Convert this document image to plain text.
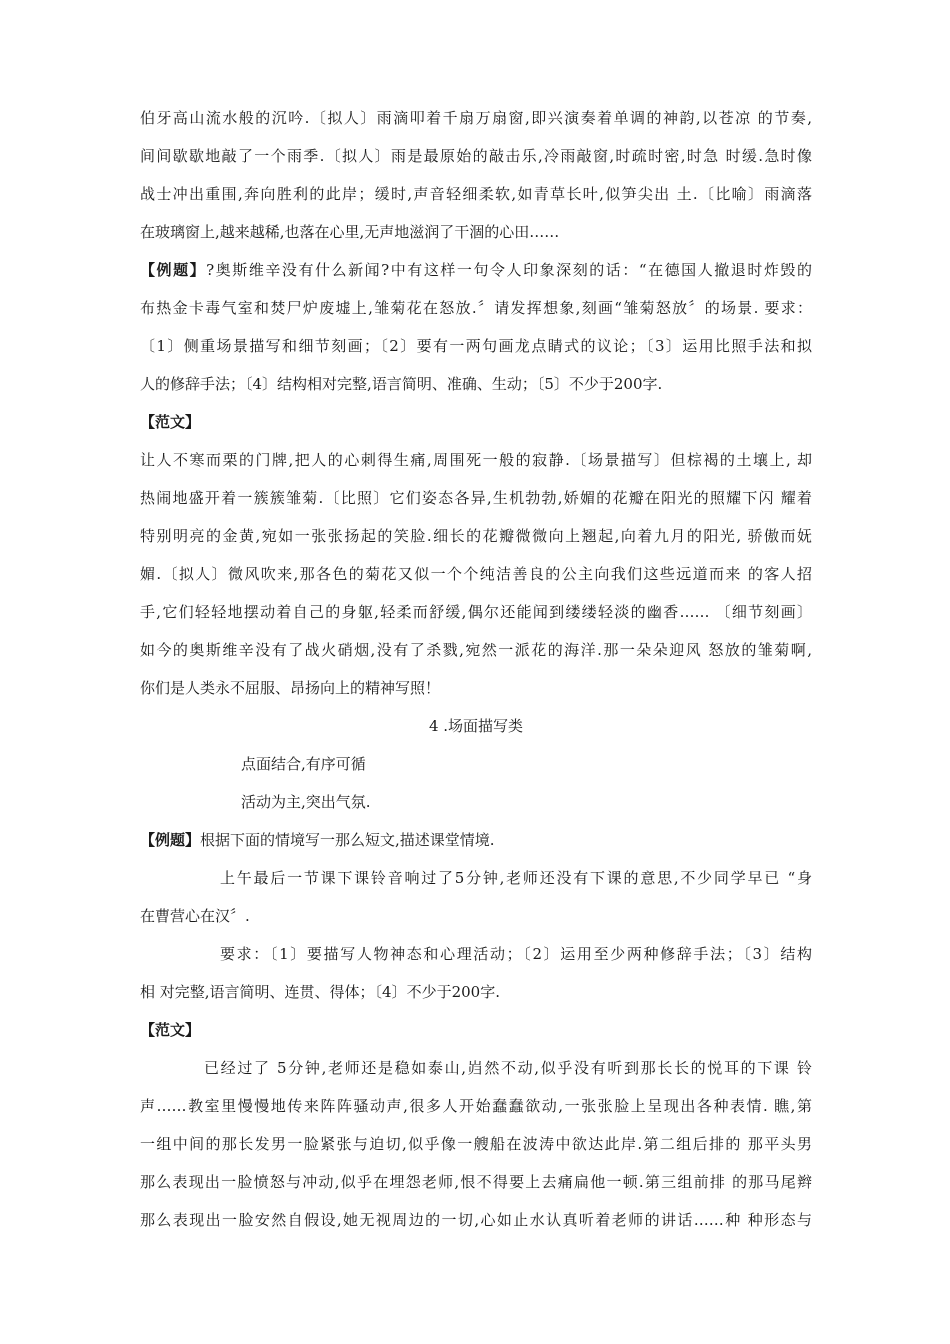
伯牙高山流水般的沉吟.〔拟人〕雨滴叩着千扇万扇窗,即兴演奏着单调的神韵,以苍凉 的节奏,
间间歇歇地敲了一个雨季.〔拟人〕雨是最原始的敲击乐,冷雨敲窗,时疏时密,时急 时缓.急时像
战士冲出重围,奔向胜利的此岸；缓时,声音轻细柔软,如青草长叶,似笋尖出 土.〔比喻〕雨滴落
在玻璃窗上,越来越稀,也落在心里,无声地滋润了干涸的心田……
【例题】?奥斯维辛没有什么新闻?中有这样一句令人印象深刻的话：“在德国人撤退时炸毁的
布热金卡毒气室和焚尸炉废墟上,雏菊花在怒放.〞请发挥想象,刻画“雏菊怒放〞的场景. 要求：
〔1〕侧重场景描写和细节刻画；〔2〕要有一两句画龙点睛式的议论；〔3〕运用比照手法和拟
人的修辞手法；〔4〕结构相对完整,语言简明、准确、生动；〔5〕不少于200字.
【范文】
让人不寒而栗的门牌,把人的心刺得生痛,周围死一般的寂静.〔场景描写〕但棕褐的土壤上, 却
热闹地盛开着一簇簇雏菊.〔比照〕它们姿态各异,生机勃勃,娇媚的花瓣在阳光的照耀下闪 耀着
特别明亮的金黄,宛如一张张扬起的笑脸.细长的花瓣微微向上翘起,向着九月的阳光, 骄傲而妩
媚.〔拟人〕微风吹来,那各色的菊花又似一个个纯洁善良的公主向我们这些远道而来 的客人招
手,它们轻轻地摆动着自己的身躯,轻柔而舒缓,偶尔还能闻到缕缕轻淡的幽香…… 〔细节刻画〕
如今的奥斯维辛没有了战火硝烟,没有了杀戮,宛然一派花的海洋.那一朵朵迎风 怒放的雏菊啊,
你们是人类永不屈服、昂扬向上的精神写照！
4 .场面描写类
点面结合,有序可循
活动为主,突出气氛.
【例题】根据下面的情境写一那么短文,描述课堂情境.
上午最后一节课下课铃音响过了5分钟,老师还没有下课的意思,不少同学早已 “身
在曹营心在汉〞.
要求：〔1〕要描写人物神态和心理活动；〔2〕运用至少两种修辞手法；〔3〕结构
相 对完整,语言简明、连贯、得体；〔4〕不少于200字.
【范文】
已经过了 5分钟,老师还是稳如泰山,岿然不动,似乎没有听到那长长的悦耳的下课 铃
声……教室里慢慢地传来阵阵骚动声,很多人开始蠢蠢欲动,一张张脸上呈现出各种表情. 瞧,第
一组中间的那长发男一脸紧张与迫切,似乎像一艘船在波涛中欲达此岸.第二组后排的 那平头男
那么表现出一脸愤怒与冲动,似乎在埋怨老师,恨不得要上去痛扁他一顿.第三组前排 的那马尾辫
那么表现出一脸安然自假设,她无视周边的一切,心如止水认真听着老师的讲话……种 种形态与
